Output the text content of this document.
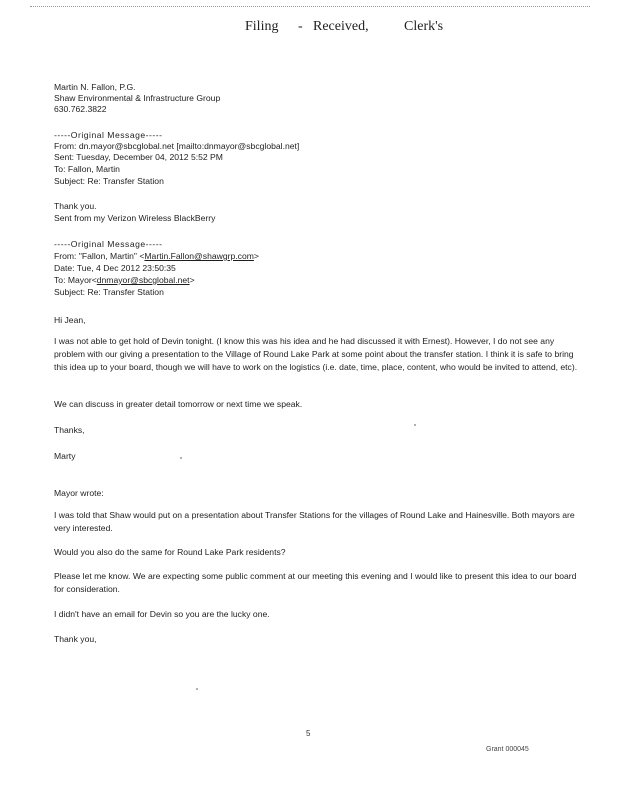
Filing - Received,	Clerk's
Martin N. Fallon, P.G.
Shaw Environmental & Infrastructure Group
630.762.3822
-----Original Message-----
From: dn.mayor@sbcglobal.net [mailto:dnmayor@sbcglobal.net]
Sent: Tuesday, December 04, 2012 5:52 PM
To: Fallon, Martin
Subject: Re: Transfer Station
Thank you.
Sent from my Verizon Wireless BlackBerry
-----Original Message-----
From: "Fallon, Martin" <Martin.Fallon@shawgrp.com>
Date: Tue, 4 Dec 2012 23:50:35
To: Mayor<dnmayor@sbcglobal.net>
Subject: Re: Transfer Station
Hi Jean,
I was not able to get hold of Devin tonight. (I know this was his idea and he had discussed it with Ernest). However, I do not see any problem with our giving a presentation to the Village of Round Lake Park at some point about the transfer station. I think it is safe to bring this idea up to your board, though we will have to work on the logistics (i.e. date, time, place, content, who would be invited to attend, etc).
We can discuss in greater detail tomorrow or next time we speak.
Thanks,
Marty
Mayor wrote:
I was told that Shaw would put on a presentation about Transfer Stations for the villages of Round Lake and Hainesville. Both mayors are very interested.
Would you also do the same for Round Lake Park residents?
Please let me know. We are expecting some public comment at our meeting this evening and I would like to present this idea to our board for consideration.
I didn't have an email for Devin so you are the lucky one.
Thank you,
5
Grant 000045
